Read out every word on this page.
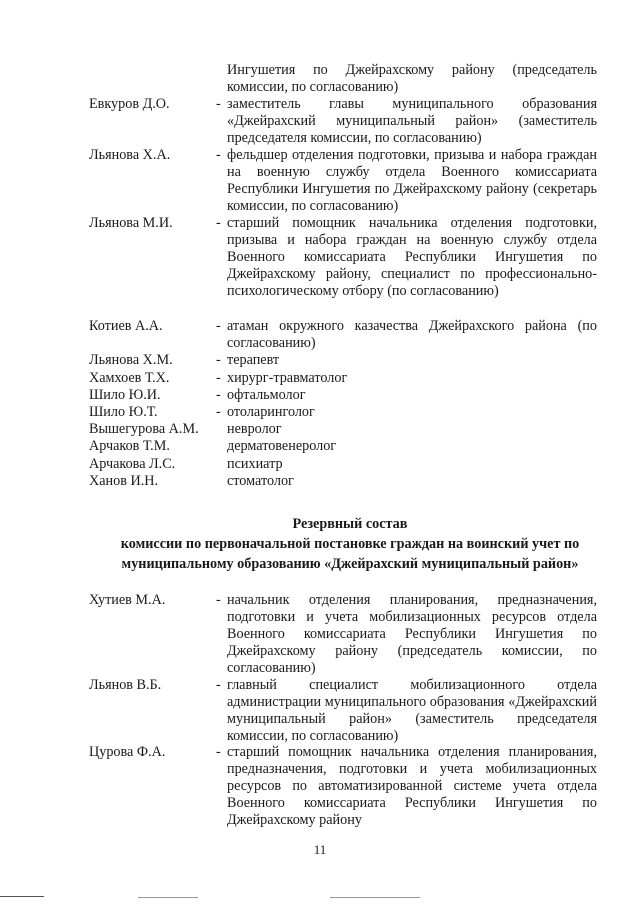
Ингушетия по Джейрахскому району (председатель комиссии, по согласованию)
Евкуров Д.О.	- заместитель главы муниципального образования «Джейрахский муниципальный район» (заместитель председателя комиссии, по согласованию)
Льянова Х.А.	- фельдшер отделения подготовки, призыва и набора граждан на военную службу отдела Военного комиссариата Республики Ингушетия по Джейрахскому району (секретарь комиссии, по согласованию)
Льянова М.И.	- старший помощник начальника отделения подготовки, призыва и набора граждан на военную службу отдела Военного комиссариата Республики Ингушетия по Джейрахскому району, специалист по профессионально-психологическому отбору (по согласованию)
Котиев А.А.	- атаман окружного казачества Джейрахского района (по согласованию)
Льянова Х.М.	- терапевт
Хамхоев Т.Х.	- хирург-травматолог
Шило Ю.И.	- офтальмолог
Шило Ю.Т.	- отоларинголог
Вышегурова А.М. невролог
Арчаков Т.М.	дерматовенеролог
Арчакова Л.С.	психиатр
Ханов И.Н.	стоматолог
Резервный состав
комиссии по первоначальной постановке граждан на воинский учет по
муниципальному образованию «Джейрахский муниципальный район»
Хутиев М.А.	- начальник отделения планирования, предназначения, подготовки и учета мобилизационных ресурсов отдела Военного комиссариата Республики Ингушетия по Джейрахскому району (председатель комиссии, по согласованию)
Льянов В.Б.	- главный специалист мобилизационного отдела администрации муниципального образования «Джейрахский муниципальный район» (заместитель председателя комиссии, по согласованию)
Цурова Ф.А.	- старший помощник начальника отделения планирования, предназначения, подготовки и учета мобилизационных ресурсов по автоматизированной системе учета отдела Военного комиссариата Республики Ингушетия по Джейрахскому району
11
